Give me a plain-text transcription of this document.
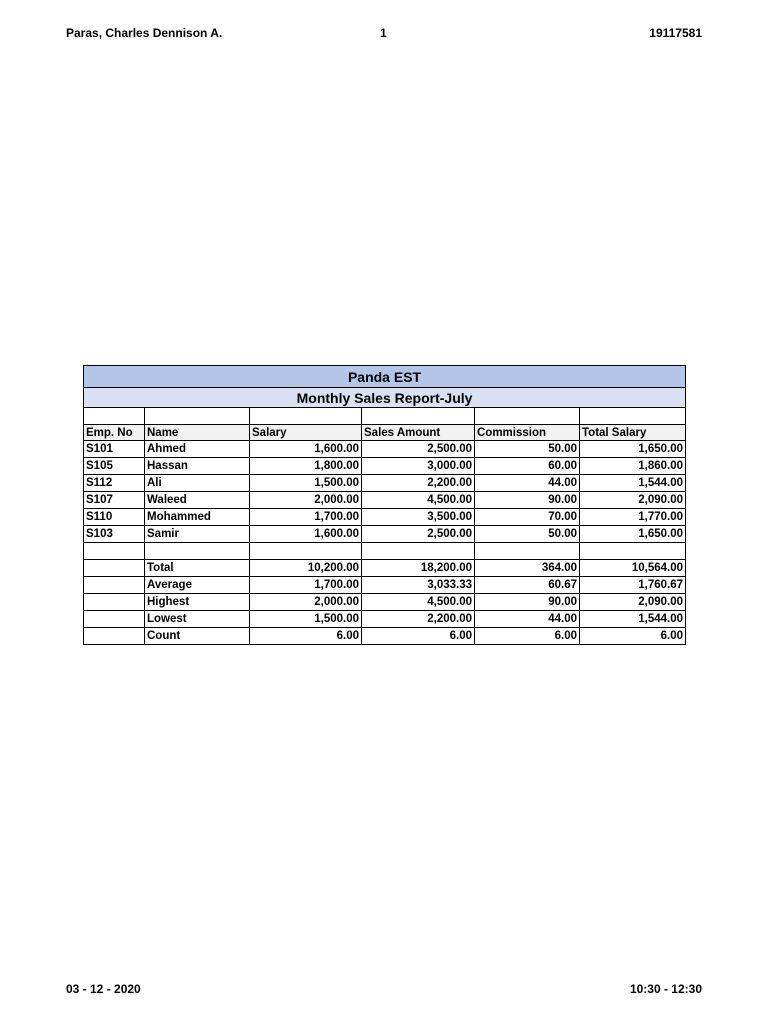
Paras, Charles Dennison A.	1	19117581
Panda EST					
Monthly Sales Report-July					

Emp. No	Name	Salary	Sales Amount	Commission	Total Salary
S101	Ahmed	1,600.00	2,500.00	50.00	1,650.00
S105	Hassan	1,800.00	3,000.00	60.00	1,860.00
S112	Ali	1,500.00	2,200.00	44.00	1,544.00
S107	Waleed	2,000.00	4,500.00	90.00	2,090.00
S110	Mohammed	1,700.00	3,500.00	70.00	1,770.00
S103	Samir	1,600.00	2,500.00	50.00	1,650.00

	Total	10,200.00	18,200.00	364.00	10,564.00
	Average	1,700.00	3,033.33	60.67	1,760.67
	Highest	2,000.00	4,500.00	90.00	2,090.00
	Lowest	1,500.00	2,200.00	44.00	1,544.00
	Count	6.00	6.00	6.00	6.00
03 - 12 - 2020	10:30 - 12:30
